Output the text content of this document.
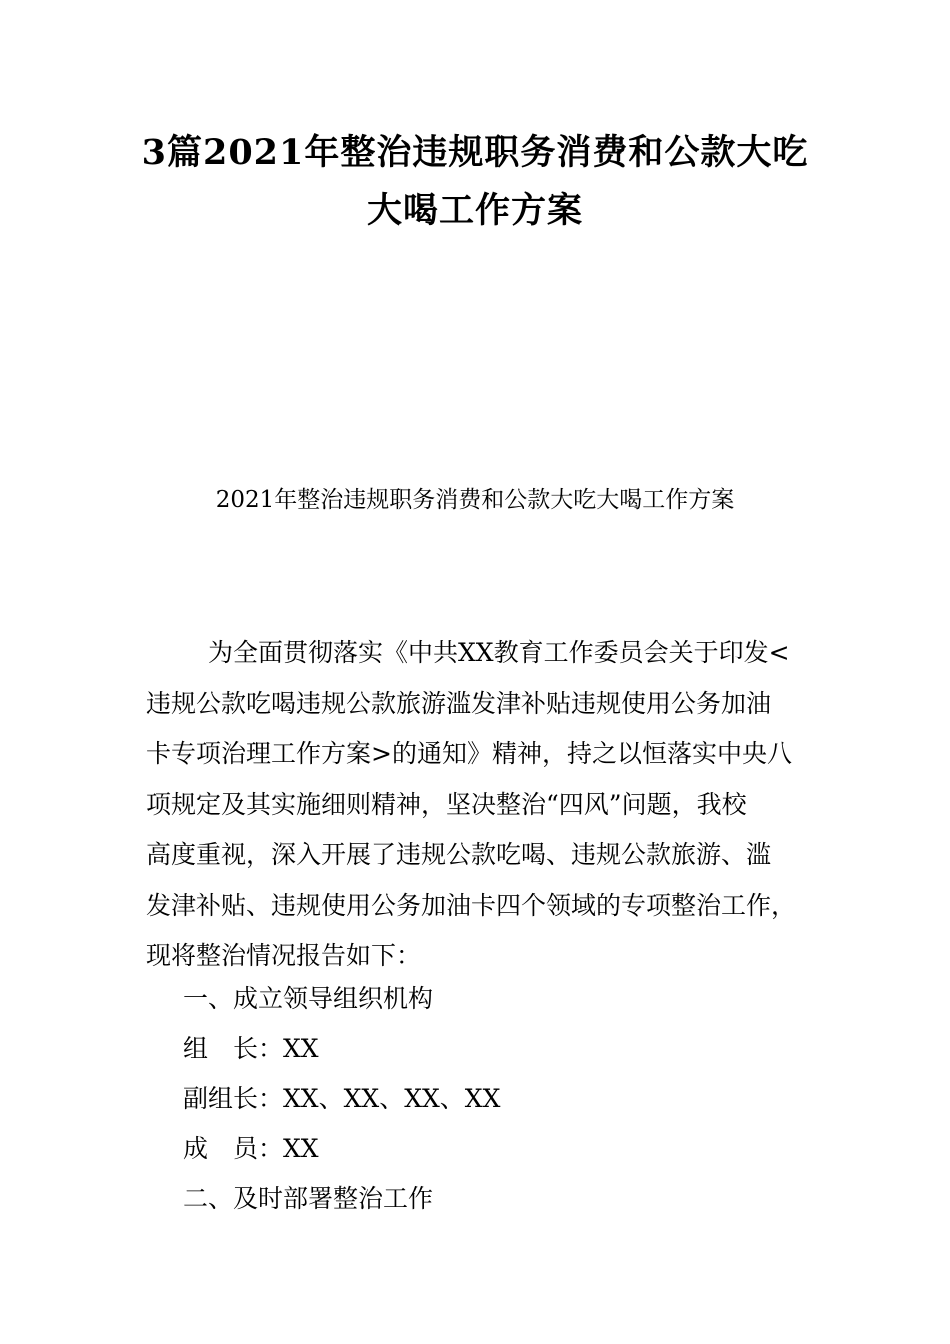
3篇2021年整治违规职务消费和公款大吃
大喝工作方案
2021年整治违规职务消费和公款大吃大喝工作方案
为全面贯彻落实《中共XX教育工作委员会关于印发<
违规公款吃喝违规公款旅游滥发津补贴违规使用公务加油
卡专项治理工作方案>的通知》精神，持之以恒落实中央八
项规定及其实施细则精神，坚决整治“四风”问题，我校
高度重视，深入开展了违规公款吃喝、违规公款旅游、滥
发津补贴、违规使用公务加油卡四个领域的专项整治工作，
现将整治情况报告如下：
一、成立领导组织机构
组　长：XX
副组长：XX、XX、XX、XX
成　员：XX
二、及时部署整治工作
